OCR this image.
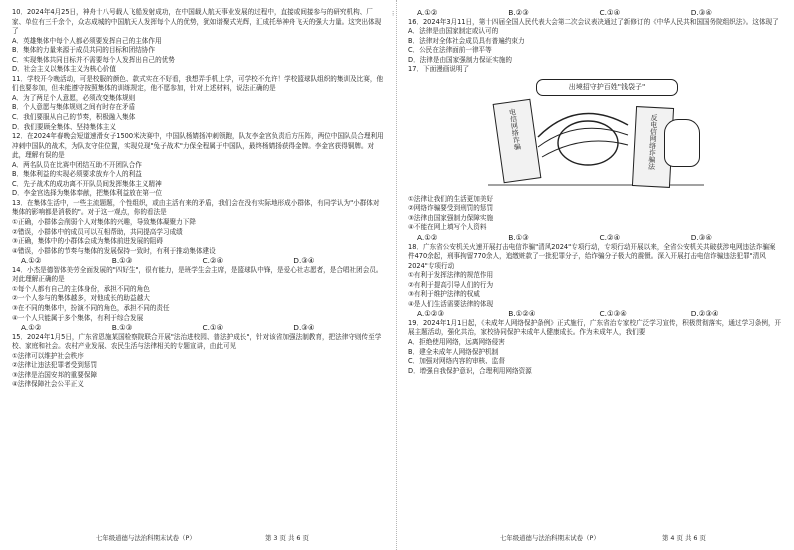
⁝

10．2024年4月25日，神舟十八号载人飞船发射成功，在中国载人航天事业发展的过程中，直接或间接参与的研究机构、厂家、单位有三千余个，众志成城的中国航天人发挥每个人的优势，犹如谱聚式光辉，汇成托举神舟飞天的强大力量。这突出体现了

A．英雄集体中每个人都必须要发挥自己的主体作用

B．集体的力量来源于成员共同的目标和团结协作

C．实现集体共同目标并不需要每个人发挥出自己的优势

D．社会主义以集体主义为核心价值

11．学校开今晚活动，可是校服的颜色、款式实在不好看，我想弄手机上学，可学校不允许！学校篮球队组织的集训及比赛，他们也要参加，但未能遵守按照集体的训练规定，他不愿参加，针对上述材料，说法正确的是

A．为了两足个人意愿，必须改变集体规则

B．个人意愿与集体规则之间有时存在矛盾

C．我们要服从自己的节奏，积极融入集体

D．我们要顾全集体、坚持集体主义

12．在2024年春晚会短道速滑女子1500米决赛中，中国队杨婧扬冲刺领跑，队友李金宫负责后方压阵，两位中国队员合理利用冲刺中国队的战术，为队友守住位置，实现兑现"兔子战术"力保全程属于中国队，最终杨婧扬获得金牌。李金宫获得铜牌。对此，理解有误的是

A．两名队员在比赛中团结互助不开团队合作

B．集体利益的实现必须要求放弃个人的利益

C．先子战术的成功离不开队员间发挥集体主义精神

D．李金宫选择为集体奉献，把集体利益放在第一位

13．在集体生活中，一些主流题题，个性组织，或由主活有来的矛盾，我们会在没有实际地形成小群体，有同学认为"小群体对集体的影响都是消极的"。对于这一观点，你的看法是

①正确，小群体会削弱个人对集体的兴趣，导致集体凝聚力下降

②错误，小群体中的成员可以互相帮助，共同提高学习成绩

③正确，集体中的小群体会成为集体前进发展的阻碍

④错误，小群体的节奏与集体的发展保持一致时，有利于推动集体建设

A.①②	B.①③	C.②④	D.③④

14．小杰是德智体美劳全面发展的"四好生"，很有能力，是班学生会主席，是篮球队中锋，是爱心社志愿者，是合唱社团会员。对此理解正确的是

①每个人都有自己的主体身份，承担不同的角色

②一个人参与的集体越多，对他成长的助益越大

③在不同的集体中，扮演不同的角色，承担不同的责任

④一个人只能属于多个集体，有利于综合发展

A.①②	B.①③	C.①④	D.③④

15．2024年1月5日，广东省恩施某国检察院联合开展"法治进校园、普法护成长"，针对该省加强法制教育，把法律守则传至学校、家庭和社会。农村产业发展、农民生活与法律相关的专题宣讲，由此可见

①法律可以维护社会秩序

②法律让违法犯罪者受到惩罚

③法律是治国安邦的重要保障

④法律保障社会公平正义

七年级道德与法治科期末试卷（P）	第 3 页 共 6 页
A.①②	B.②③	C.①④	D.③④

16．2024年3月11日，第十四届全国人民代表大会第二次会议表决通过了新修订的《中华人民共和国国务院组织法》。这体现了

A．法律是由国家制定或认可的

B．法律对全体社会成员具有普遍约束力

C．公民在法律面前一律平等

D．法律是由国家强制力保证实施的

17．下面漫画说明了

出境招守护百姓"钱袋子"
电信网络诈骗	反电信网络诈骗法

①法律让我们的生活更加美好

②网络诈骗要受到刑罚的惩罚

③法律由国家强制力保障实施

④不能在网上填写个人资料

A.①②	B.①③	C.②④	D.③④

18．广东省公安机关火速开展打击电信诈骗"清风2024"专项行动，专项行动开展以来，全省公安机关共破获涉电网违法诈骗案件470余起，刑事拘留770余人，追缴赃款了一批犯罪分子，给诈骗分子极大的震慑。深入开展打击电信诈骗违法犯罪"清风2024"专项行动

①有利于发挥法律的规范作用

②有利于提高引导人们的行为

③有利于维护法律的权威

④是人们生活需要法律的体现

A.①②③	B.①②④	C.①③④	D.②③④

19．2024年1月1日起，《未成年人网络保护条例》正式施行，广东省治专家校广泛学习宣传，积极贯彻落实，通过学习条例，开展主题活动，强化共治，家校协同保护未成年人健康成长。作为未成年人，我们要

A．拒绝使用网络，远离网络侵害

B．建全未成年人网络保护机制

C．加强对网络内容的审核、监督

D．增强自我保护意识，合理利用网络资源

七年级道德与法治科期末试卷（P）	第 4 页 共 6 页
